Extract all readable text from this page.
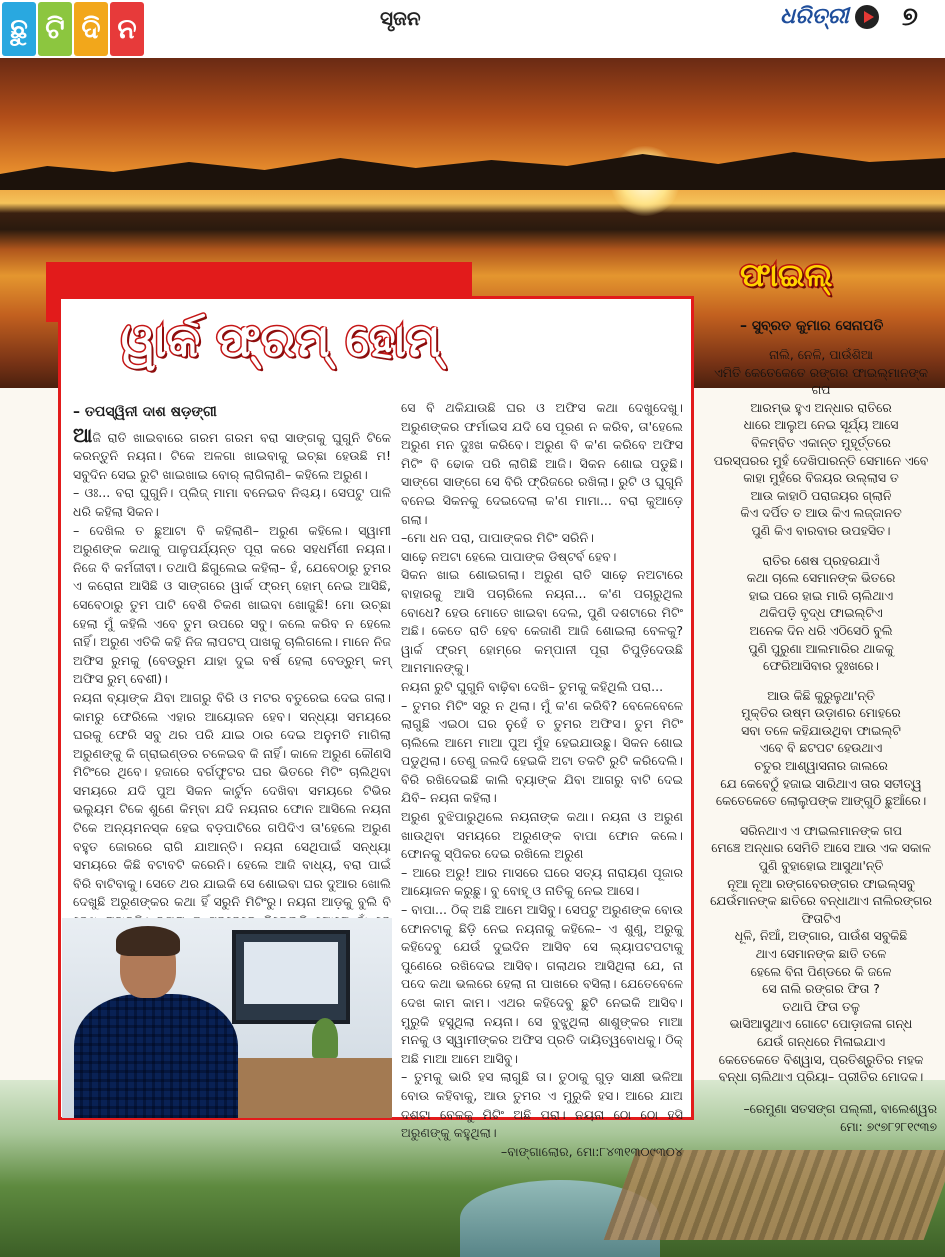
ଛୁ ଟି ଦି ନ	ସୃଜନ	ଧରିତ୍ରୀ ୭
ୱାର୍କ ଫ୍ରମ୍ ହୋମ୍
– ତପସ୍ୱିନୀ ଦାଶ ଷଡ଼ଙ୍ଗୀ

ଆଜି ରାତି ଖାଇବାରେ ଗରମ ଗରମ ବରା ସାଙ୍ଗକୁ ଘୁଗୁନି ଟିକେ କରନ୍ତୁନି ନୟନା। ଟିକେ ଅଳଗା ଖାଇବାକୁ ଇଚ୍ଛା ହେଉଛି ମ! ସବୁଦିନ ସେଇ ରୁଟି ଖାଇଖାଇ ବୋର୍ ଲାଗିଲାଣି– କହିଲେ ଅରୁଣ।

– ଓଃ... ବରା ଘୁଗୁନି। ପ୍ଲିଜ୍ ମାମା ବନେଇବ ନିଶ୍ଚୟ। ସେପଟୁ ପାଳି ଧରି କହିଲା ସିକନ।

– ଦେଖିଲ ତ ଛୁଆଟା ବି କହିଲାଣି– ଅରୁଣ କହିଲେ। ସ୍ୱାମୀ ଅରୁଣଙ୍କ କଥାକୁ ପାଳୁପର୍ଯ୍ୟନ୍ତ ପୂରା କରେ ସହଧର୍ମିଣୀ ନୟନା। ନିଜେ ବି କର୍ମଜୀବୀ। ତଥାପି ଛିଗୁଲେଇ କହିଲା– ହଁ, ଯେବେଠାରୁ ତୁମର ଏ କରୋନା ଆସିଛି ଓ ସାଙ୍ଗରେ ୱାର୍କ ଫ୍ରମ୍ ହୋମ୍ ନେଇ ଆସିଛି, ସେବେଠାରୁ ତୁମ ପାଟି ବେଶି ଚିକଣ ଖାଇବା ଖୋଜୁଛି! ମୋ ଉଚ୍ଛା ହେଲା ମୁଁ କହିଲି ଏବେ ତୁମ ଉପରେ ସବୁ। କଲେ କରିବ ନ ହେଲେ ନାହିଁ। ଅରୁଣ ଏତିକି କହି ନିଜ ଲାପଟପ୍ ପାଖକୁ ଚାଲିଗଲେ। ମାନେ ନିଜ ଅଫିସ ରୁମକୁ (ବେଡ୍‌ରୁମ ଯାହା ଦୁଇ ବର୍ଷ ହେଲା ବେଡ୍‌ରୁମ୍ କମ୍ ଅଫିସ ରୁମ୍ ବେଶୀ)।

ନୟନା ବ୍ୟାଙ୍କ ଯିବା ଆଗରୁ ବିରି ଓ ମଟର ବତୁରେଇ ଦେଇ ଗଲା। କାମରୁ ଫେରିଲେ ଏହାର ଆୟୋଜନ ହେବ। ସନ୍ଧ୍ୟା ସମୟରେ ଘରକୁ ଫେରି ସବୁ ଥର ପରି ଯାଇ ଠାର ଦେଇ ଅନୁମତି ମାଗିଲା ଅରୁଣଙ୍କୁ କି ଗ୍ରାଇଣ୍ଡର ଚଳେଇବ କି ନାହିଁ। କାଳେ ଅରୁଣ କୌଣସି ମିଟିଂରେ ଥିବେ। ହଜାରେ ବର୍ଗଫୁଟର ଘର ଭିତରେ ମିଟିଂ ଚାଲିଥିବା ସମୟରେ ଯଦି ପୁଅ ସିକନ କାର୍ଟୁନ ଦେଖିବା ସମୟରେ ଟିଭିର ଭଲ୍ୟୁମ ଟିକେ ଶୁଣେ କିମ୍ବା ଯଦି ନୟନାର ଫୋନ ଆସିଲେ ନୟନା ଟିକେ ଅନ୍ୟମନସ୍କ ହେଇ ବଡ଼ପାଟିରେ ଗପିଦିଏ ତା'ହେଲେ ଅରୁଣ ବହୁତ ଜୋରରେ ରାଗି ଯାଆନ୍ତି। ନୟନା ସେଥିପାଇଁ ସନ୍ଧ୍ୟା ସମୟରେ କିଛି ବଟାବଟି କରେନି। ହେଲେ ଆଜି ବାଧ୍ୟ, ବରା ପାଇଁ ବିରି ବାଟିବାକୁ। ସେତେ ଥର ଯାଇକି ସେ ଶୋଇବା ଘର ଦୁଆର ଖୋଲି ଦେଖୁଛି ଅରୁଣଙ୍କର କଥା ହିଁ ସରୁନି ମିଟିଂରୁ। ନୟନା ଆଡ଼କୁ ବୁଲି ବି

ସେ ବି ଥକିଯାଉଛି ଘର ଓ ଅଫିସ କଥା ଦେଖୁଦେଖୁ। ଅରୁଣଙ୍କର ଫର୍ମାଇସ ଯଦି ସେ ପୂରଣ ନ କରିବ, ତା'ହେଲେ ଅରୁଣ ମନ ଦୁଃଖ କରିବେ। ଅରୁଣ ବି କ'ଣ କରିବେ ଅଫିସ ମିଟିଂ ବି ଢୋକ ପରି ଲାଗିଛି ଆଜି। ସିକନ ଶୋଇ ପଡୁଛି। ସାଙ୍ଗେ ସାଙ୍ଗେ ସେ ବିରି ଫ୍ରିଜରେ ରଖିଲା। ରୁଟି ଓ ଘୁଗୁନି ବନେଇ ସିକନକୁ ଦେଇଦେଲା କ'ଣ ମାମା... ବରା କୁଆଡ଼େ ଗଲା।

–ମୋ ଧନ ପରା, ପାପାଙ୍କର ମିଟିଂ ସରିନି।

ସାଢ଼େ ନଅଟା ହେଲେ ପାପାଙ୍କ ଡିଷ୍ଟର୍ବ ହେବ।

ସିକନ ଖାଇ ଶୋଇଗଲା। ଅରୁଣ ରାତି ସାଢ଼େ ନଅଟାରେ ବାହାରକୁ ଆସି ପଚାରିଲେ ନୟନା... କ'ଣ ପଚାରୁଥିଲ ବୋଧେ? ହେଉ ମୋତେ ଖାଇବା ଦେଲ, ପୁଣି ଦଶଟାରେ ମିଟିଂ ଅଛି। କେତେ ରାତି ହେବ କେଜାଣି ଆଜି ଶୋଇଲା ବେଳକୁ? ୱାର୍କ ଫ୍ରମ୍ ହୋମ୍‌ରେ କମ୍ପାନୀ ପୂରା ଚିପୁଡ଼ିଦେଉଛି ଆମମାନଙ୍କୁ।

ନୟନା ରୁଟି ଘୁଗୁନି ବାଢ଼ିବା ଦେଖି– ତୁମକୁ କହିଥିଲି ପରା...

– ତୁମର ମିଟିଂ ସରୁ ନ ଥିଲା। ମୁଁ କ'ଣ କରିବି? ବେଳେବେଳେ ଲାଗୁଛି ଏଇଠା ଘର ନୁହେଁ ତ ତୁମର ଅଫିସ। ତୁମ ମିଟିଂ ଚାଲିଲେ ଆମେ ମାଆ ପୁଅ ମୁଁହ ହେଇଯାଉଛୁ। ସିକନ ଶୋଇ ପଡୁଥିଲା। ତେଣୁ ଜଲଦି ହେଇକି ଅଟା ତକଟି ରୁଟି କରିଦେଲି। ବିରି ରଖିଦେଇଛି କାଲି ବ୍ୟାଙ୍କ ଯିବା ଆଗରୁ ବାଟି ଦେଇ ଯିବି– ନୟନା କହିଲା।

ଅରୁଣ ବୁଝିପାରୁଥିଲେ ନୟନାଙ୍କ କଥା। ନୟନା ଓ ଅରୁଣ ଖାଉଥିବା ସମୟରେ ଅରୁଣଙ୍କ ବାପା ଫୋନ କଲେ। ଫୋନକୁ ସ୍ପିକର ଦେଇ ରଖିଲେ ଅରୁଣ

– ଆରେ ଅରୁ! ଆର ମାସରେ ଘରେ ସତ୍ୟ ନାରାୟଣ ପୂଜାର ଆୟୋଜନ କରୁଛୁ। ବୁ ବୋହୂ ଓ ନାତିକୁ ନେଇ ଆସେ।

– ବାପା... ଠିକ୍ ଅଛି ଆମେ ଆସିବୁ। ସେପଟୁ ଅରୁଣଙ୍କ ବୋଉ ଫୋନଟାକୁ ଛିଡ଼ି ନେଇ ନୟନାକୁ କହିଲେ– ଏ ଶୁଣୁ, ଅରୁକୁ କହିଦେବୁ ଯେଉଁ ଦୁଇଦିନ ଆସିବ ସେ ଲ୍ୟାପଟପଟାକୁ ପୁଣେରେ ରଖିଦେଇ ଆସିବ। ଗଲାଥର ଆସିଥିଲା ଯେ, ନା ପଦେ କଥା ଭଲରେ ହେଲା ନା ପାଖରେ ବସିଲା। ଯେତେବେଳେ ଦେଖ କାମ କାମ। ଏଥର କହିଦେବୁ ଛୁଟି ନେଇକି ଆସିବ। ମୁରୁକି ହସୁଥିଲା ନୟନା। ସେ ବୁଝୁଥିଲା ଶାଶୁଙ୍କର ମାଆ ମନକୁ ଓ ସ୍ୱାମୀଙ୍କର ଅଫିସ ପ୍ରତି ଦାୟିତ୍ୱବୋଧକୁ। ଠିକ୍ ଅଛି ମାଆ ଆମେ ଆସିବୁ।

– ତୁମକୁ ଭାରି ହସ ଲାଗୁଛି ତା। ତୁଠାକୁ ଗୁଡ଼ ସାକ୍ଷୀ ଭଳିଆ ବୋଉ କହିବାକୁ, ଆଉ ତୁମର ଏ ମୁରୁକି ହସ। ଆରେ ଯାଅ ଦଶଟା ବେଳକୁ ମିଟିଂ ଅଛି ପରା। ନୟନା ଠୋ ଠୋ ହସି ଅରୁଣଙ୍କୁ କହୁଥିଲା।

–ବାଙ୍ଗାଲୋର, ମୋ:୮୪୩୧୩୦୯୩୦୪

ଫାଇଲ୍
– ସୁବ୍ରତ କୁମାର ସେନାପତି

ନାଲି, ନେଳି, ପାଉଁଶିଆ
ଏମିତି କେତେକେତେ ରଙ୍ଗର ଫାଇଲ୍‌ମାନଙ୍କ ଗପ
ଆରମ୍ଭ ହୁଏ ଅନ୍ଧାର ରାତିରେ
ଧାରେ ଆଲୁଅ ନେଇ ସୂର୍ଯ୍ୟ ଆସେ
ବିଳମ୍ବିତ ଏକାନ୍ତ ମୁହୂର୍ତ୍ତରେ
ପରସ୍ପରର ମୁହଁ ଦେଖିପାରନ୍ତି ସେମାନେ ଏବେ
କାହା ମୁହଁରେ ବିଜୟର ଉଲ୍ଲାସ ତ
ଆଉ କାହାଠି ପରାଜୟର ଗ୍ଲାନି
କିଏ ଦର୍ପିତ ତ ଆଉ କିଏ ଲଜ୍ଜାନତ
ପୁଣି କିଏ ବାରବାର ଉପହସିତ।

ରାତିର ଶେଷ ପ୍ରହରଯାଏଁ
କଥା ଚାଲେ ସେମାନଙ୍କ ଭିତରେ
ହାଇ ପରେ ହାଇ ମାରି ଚାଲିଥାଏ
ଥକିପଡ଼ି ବୃଦ୍ଧ ଫାଇଲ୍‌ଟିଏ
ଅନେକ ଦିନ ଧରି ଏଠିସେଠି ବୁଲି
ପୁଣି ପୁରୁଣା ଆଲମାରିର ଥାକକୁ
ଫେରିଆସିବାର ଦୁଃଖରେ।

ଆଉ କିଛି କୁରୁଳୁଥା'ନ୍ତି
ମୁକ୍ତିର ଉଷ୍ମ ଉଡ଼ାଣର ମୋହରେ
ସବା ତଳେ କହିଯାଉଥିବା ଫାଇଲ୍‌ଟି
ଏବେ ବି ଛଟପଟ ହେଉଥାଏ
ଚତୁର ଆଶ୍ୱାସନାର ଜାଲରେ
ଯେ କେବେଠୁଁ ହଜାଇ ସାରିଥାଏ ତାର ସତୀତ୍ୱ
କେତେକେତେ ଲୋଲୁପଙ୍କ ଆଙ୍ଗୁଠି ଛୁଆଁରେ।

ସରିନଥାଏ ଏ ଫାଇଲମାନଙ୍କ ଗପ
ମେଞ୍ଚେ ଅନ୍ଧାର ସେମିତି ଆସେ ଆଉ ଏକ ସକାଳ
ପୁଣି ବୁହାହୋଇ ଆସୁଥା'ନ୍ତି
ନୂଆ ନୂଆ ରଙ୍ଗବେରଙ୍ଗର ଫାଇଲ୍‌ସବୁ
ଯେଉଁମାନଙ୍କ ଛାତିରେ ବନ୍ଧାଥାଏ ନାଲିରଙ୍ଗର ଫିତାଟିଏ
ଧୂଳି, ନିଆଁ, ଅଙ୍ଗାର, ପାଉଁଶ ସବୁକିଛି
ଥାଏ ସେମାନଙ୍କ ଛାତି ତଳେ
ହେଲେ ବିନା ପିଣ୍ଡରେ କି ଜଳେ
ସେ ନାଲି ରଙ୍ଗର ଫିତା ?
ତଥାପି ଫିତା ତଳୁ
ଭାସିଆସୁଥାଏ ଗୋଟେ ପୋଡ଼ାଜଳା ଗନ୍ଧ
ଯେଉଁ ଗନ୍ଧରେ ମିଳାଇଯାଏ
କେତେକେତେ ବିଶ୍ୱାସ, ପ୍ରତିଶ୍ରୁତିର ମହକ
ବନ୍ଧା ଚାଲିଥାଏ ପ୍ରିୟା– ପ୍ରୀତିର ମୋଦକ।

–ରେମୁଣା ସତସଙ୍ଗ ପଲ୍ଲୀ, ବାଲେଶ୍ୱର
ମୋ: ୭୯୭୮୨୮୧୯୩୭
